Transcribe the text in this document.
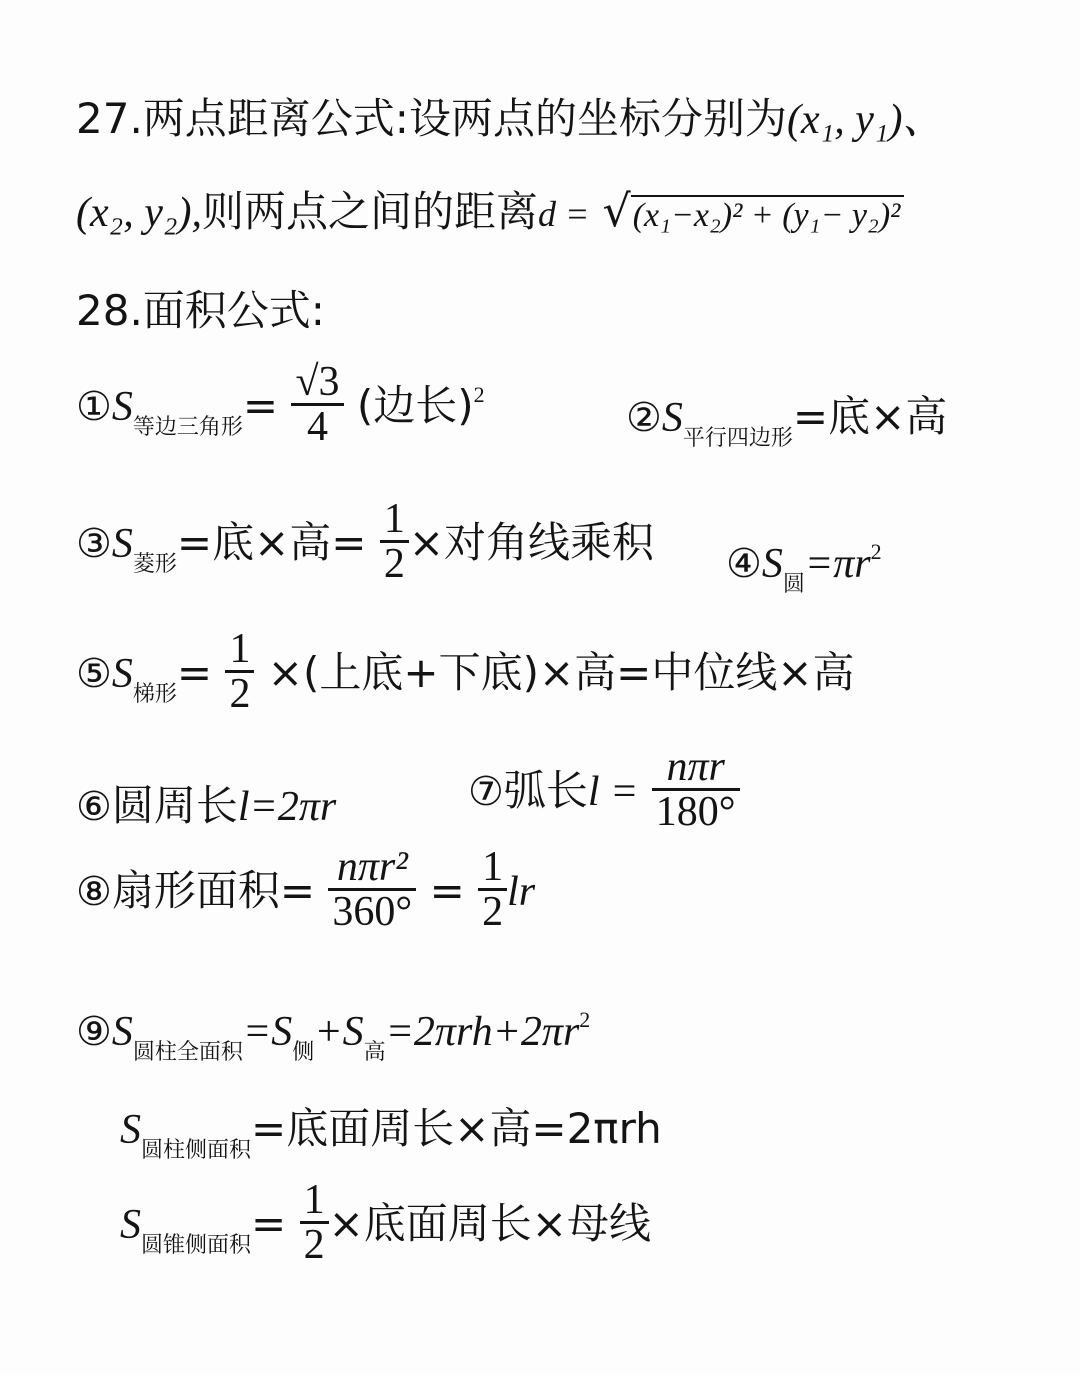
27.两点距离公式:设两点的坐标分别为(x₁, y₁)、
(x₂, y₂),则两点之间的距离d = √(x₁−x₂)² + (y₁− y₂)²
28.面积公式:
$①S_{等边三角形}= \frac{√3}{4}$ (边长)$^2$
$②S_{平行四边形}=$底×高
$③S_{菱形}=$底×高= $\frac{1}{2}$ ×对角线乘积 $④S_圆=\pi r^2$
$⑤S_{梯形}= \frac{1}{2}$ ×(上底+下底)×高=中位线×高
⑥圆周长l=2πr	⑦弧长$l = \frac{\text{nπr}}{180^\circ}$
⑧扇形面积= $\frac{\text{nπr²}}{360^\circ} = \frac{1}{2}$ lr
$⑨S_{圆柱全面积}=S_侧+S_高=2\pi rh+2\pi r^2$
$S_{圆柱侧面积}=$底面周长×高=2πrh
$S_{圆锥侧面积}= \frac{1}{2}$ ×底面周长×母线
